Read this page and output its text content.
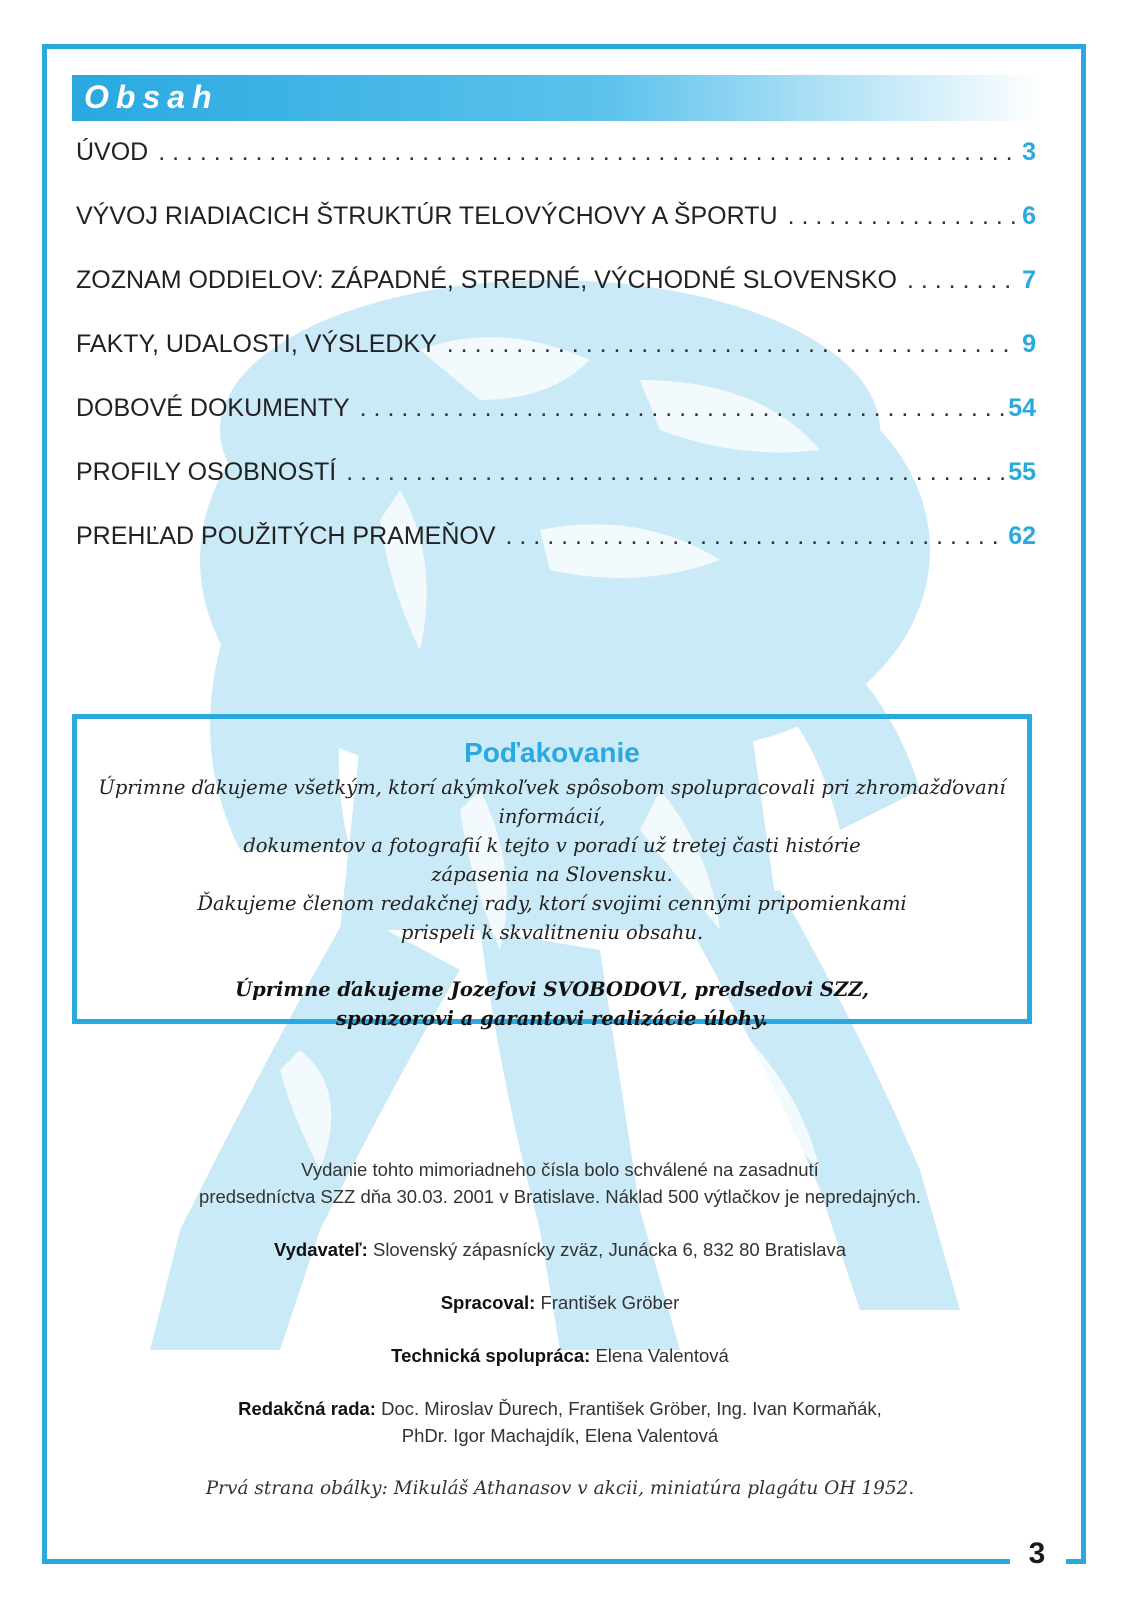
3
Obsah
ÚVOD . . .	3
VÝVOJ RIADIACICH ŠTRUKTÚR TELOVÝCHOVY A ŠPORTU . . .	6
ZOZNAM ODDIELOV: ZÁPADNÉ, STREDNÉ, VÝCHODNÉ SLOVENSKO . . .	7
FAKTY, UDALOSTI, VÝSLEDKY . . .	9
DOBOVÉ DOKUMENTY . . .	54
PROFILY OSOBNOSTÍ . . .	55
PREHĽAD POUŽITÝCH PRAMEŇOV . . .	62
Poďakovanie
Úprimne ďakujeme všetkým, ktorí akýmkoľvek spôsobom spolupracovali pri zhromažďovaní informácií,
dokumentov a fotografií k tejto v poradí už tretej časti histórie
zápasenia na Slovensku.
Ďakujeme členom redakčnej rady, ktorí svojimi cennými pripomienkami
prispeli k skvalitneniu obsahu.
Úprimne ďakujeme Jozefovi SVOBODOVI, predsedovi SZZ,
sponzorovi a garantovi realizácie úlohy.

Vydanie tohto mimoriadneho čísla bolo schválené na zasadnutí

predsedníctva SZZ dňa 30.03. 2001 v Bratislave. Náklad 500 výtlačkov je nepredajných.

Vydavateľ: Slovenský zápasnícky zväz, Junácka 6, 832 80 Bratislava

Spracoval: František Gröber

Technická spolupráca: Elena Valentová

Redakčná rada: Doc. Miroslav Ďurech, František Gröber, Ing. Ivan Kormaňák,

PhDr. Igor Machajdík, Elena Valentová

Prvá strana obálky: Mikuláš Athanasov v akcii, miniatúra plagátu OH 1952.
